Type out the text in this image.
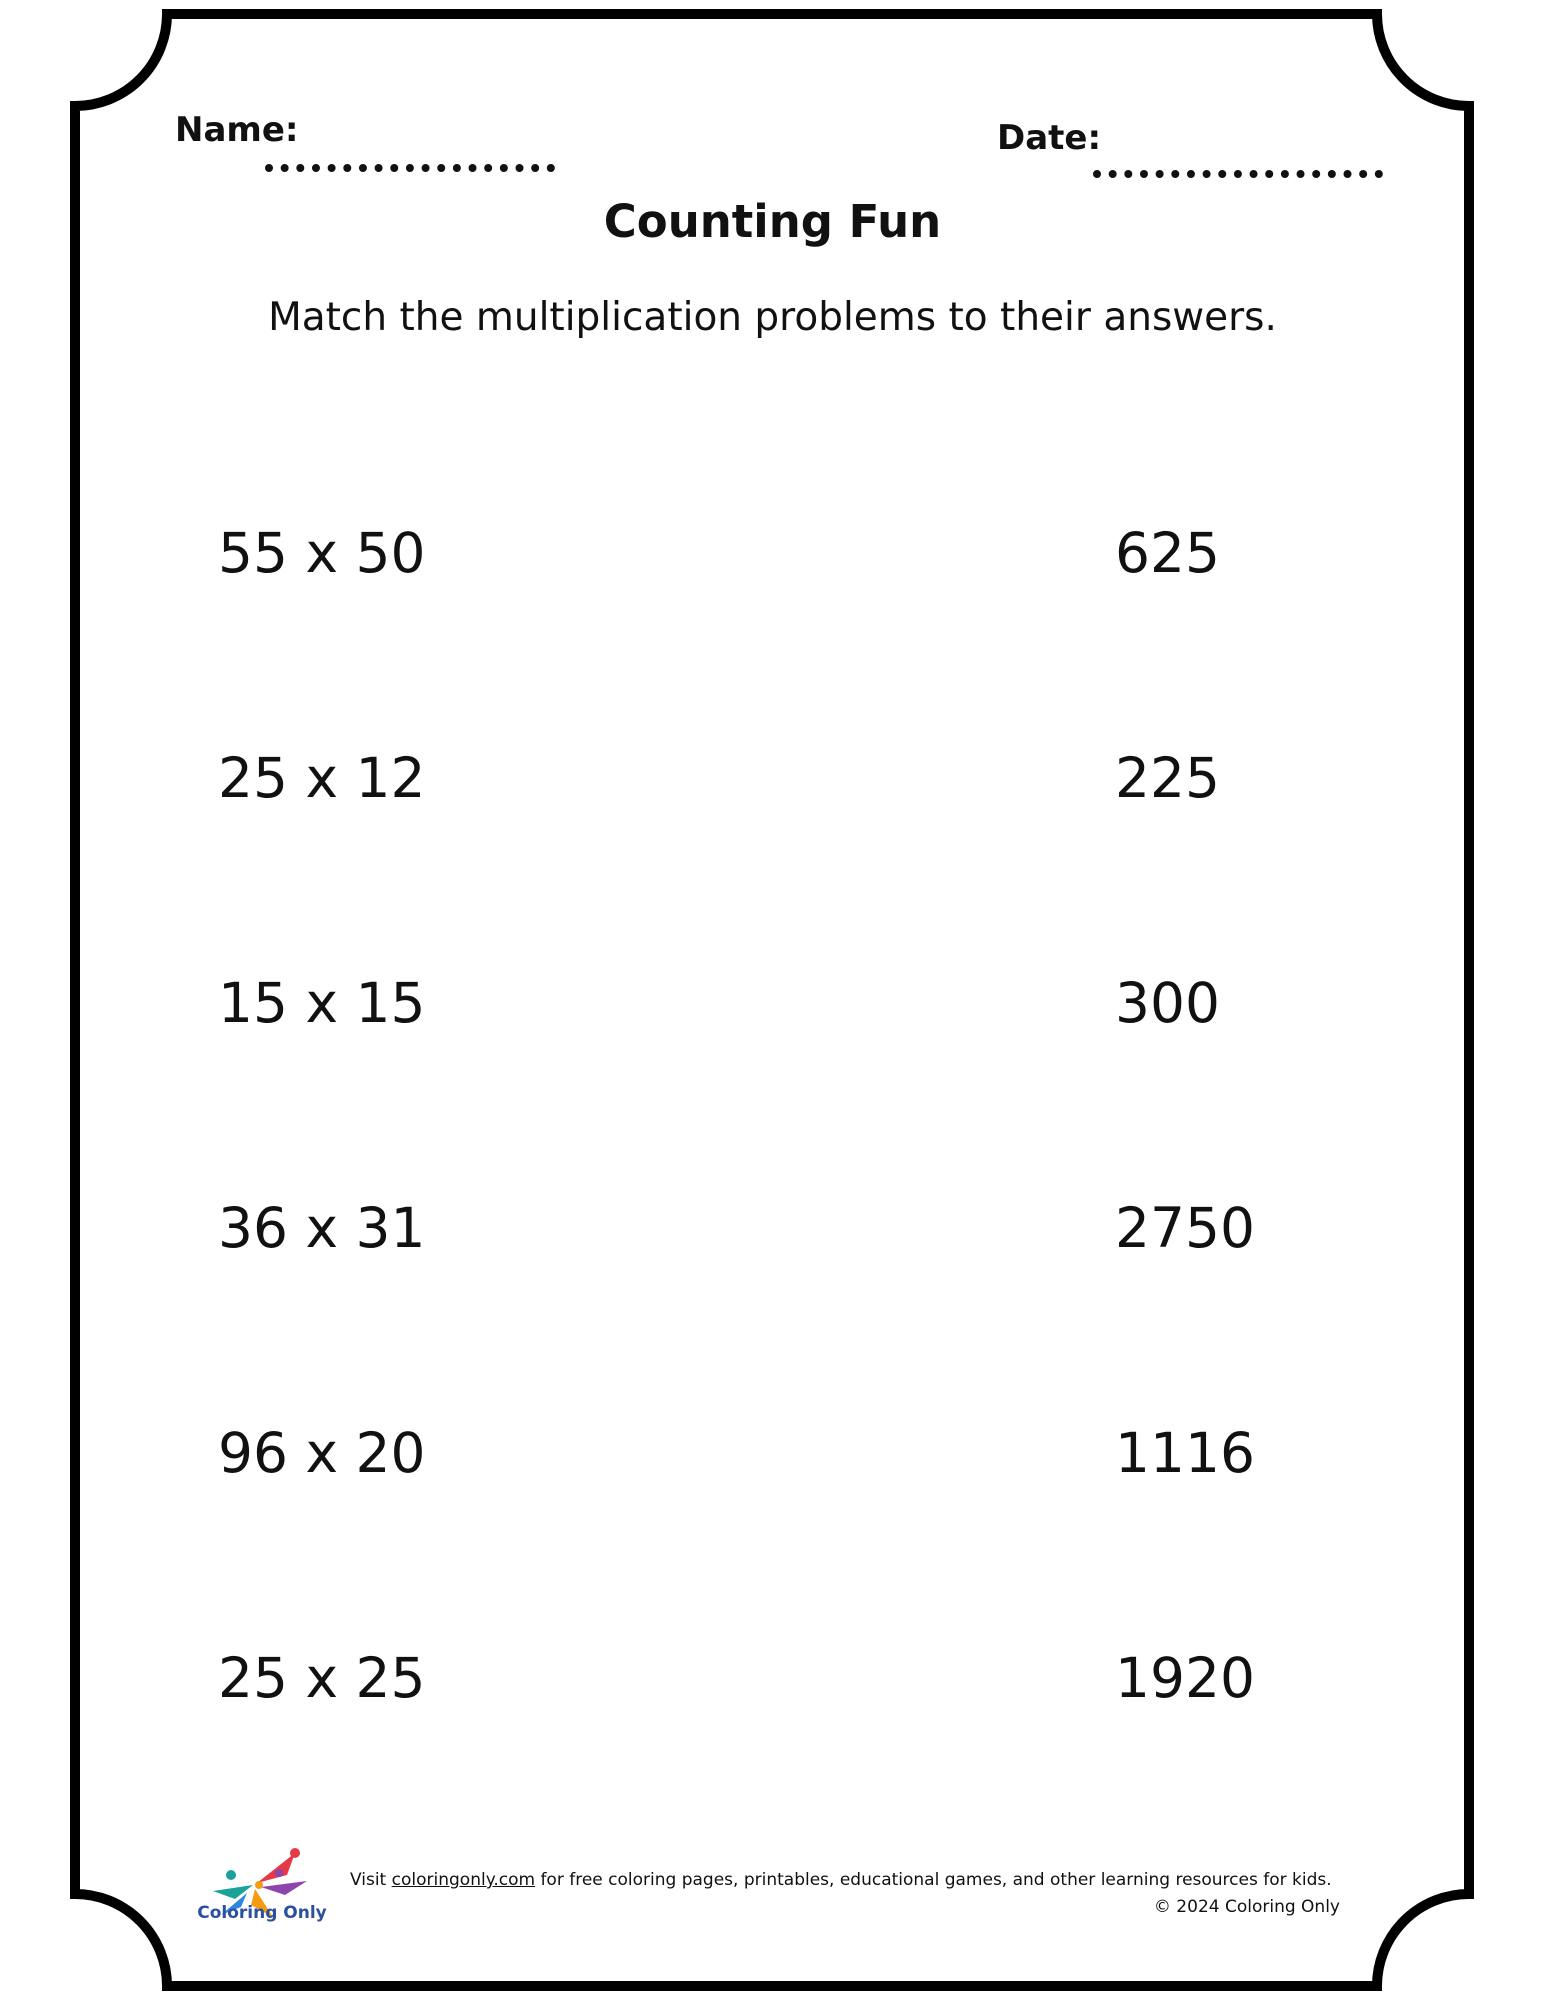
Name:	Date:
Counting Fun

Match the multiplication problems to their answers.

55 x 50
25 x 12
15 x 15
36 x 31
96 x 20
25 x 25
625
225
300
2750
1116
1920
Coloring Only
Visit coloringonly.com for free coloring pages, printables, educational games, and other learning resources for kids.
© 2024 Coloring Only
